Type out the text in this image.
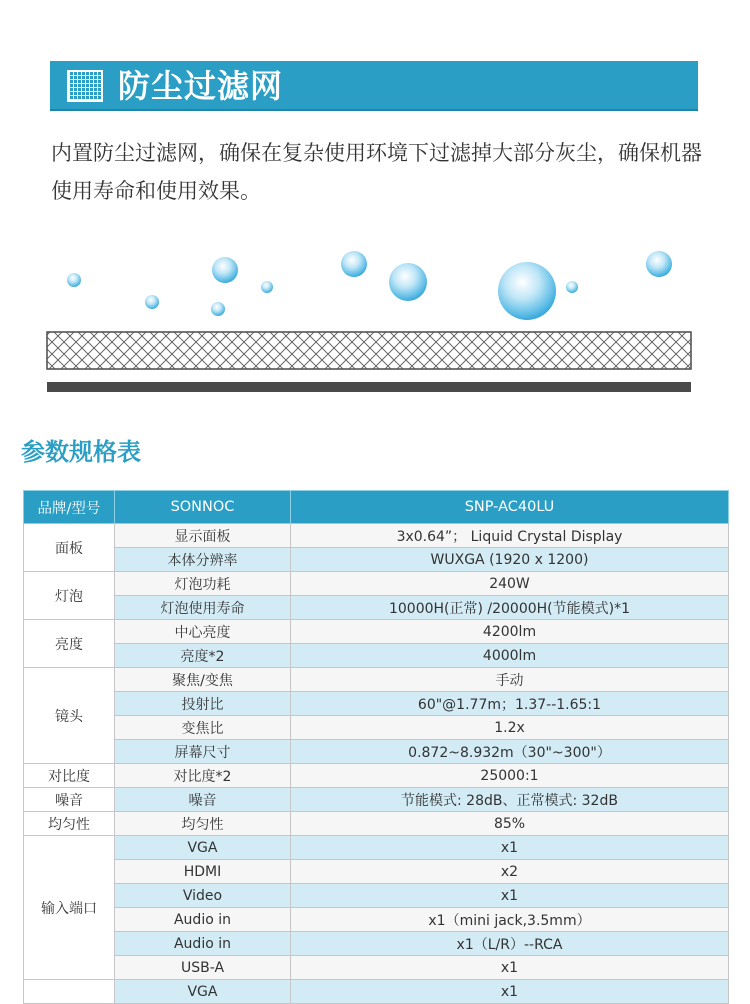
防尘过滤网
内置防尘过滤网，确保在复杂使用环境下过滤掉大部分灰尘，确保机器使用寿命和使用效果。
参数规格表
品牌/型号	SONNOC	SNP-AC40LU
面板	显示面板	3x0.64”； Liquid Crystal Display
	本体分辨率	WUXGA (1920 x 1200)
灯泡	灯泡功耗	240W
	灯泡使用寿命	10000H(正常) /20000H(节能模式)*1
亮度	中心亮度	4200lm
	亮度*2	4000lm
镜头	聚焦/变焦	手动
	投射比	60"@1.77m；1.37--1.65:1
	变焦比	1.2x
	屏幕尺寸	0.872~8.932m（30"~300"）
对比度	对比度*2	25000:1
噪音	噪音	节能模式: 28dB、正常模式: 32dB
均匀性	均匀性	85%
输入端口	VGA	x1
	HDMI	x2
	Video	x1
	Audio in	x1（mini jack,3.5mm）
	Audio in	x1（L/R）--RCA
	USB-A	x1
	VGA	x1
